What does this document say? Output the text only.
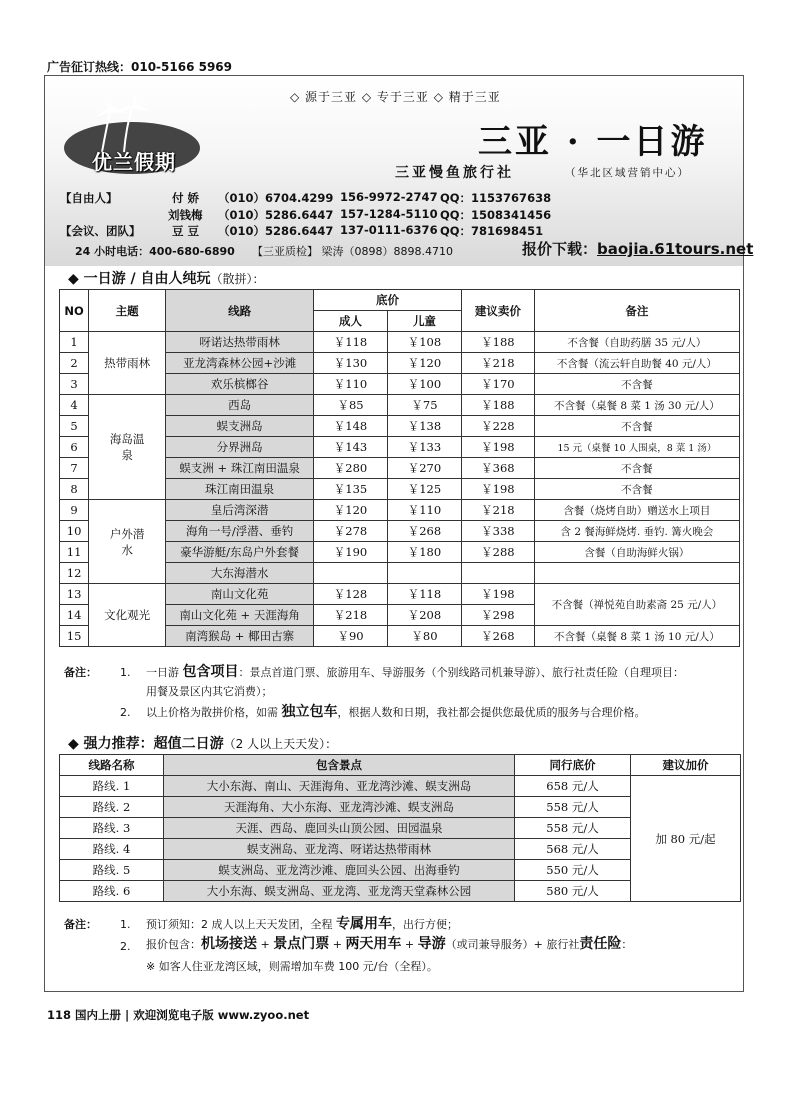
广告征订热线：010-5166 5969
◇ 源于三亚 ◇ 专于三亚 ◇ 精于三亚
优兰假期	三亚 · 一日游
三亚慢鱼旅行社	（华北区域营销中心）
【自由人】	付 娇 （010）6704.4299 156-9972-2747 QQ：1153767638
刘钱梅 （010）5286.6447 157-1284-5110 QQ：1508341456
【会议、团队】	豆 豆 （010）5286.6447 137-0111-6376 QQ：781698451
24 小时电话：400-680-6890 【三亚质检】 梁涛（0898）8898.4710	报价下载：baojia.61tours.net
◆ 一日游 / 自由人纯玩（散拼）：
NO	主题	线路	底价		建议卖价	备注
			成人	儿童		
1	热带雨林	呀诺达热带雨林	￥118	￥108	￥188	不含餐（自助药膳 35 元/人）
2		亚龙湾森林公园+沙滩	￥130	￥120	￥218	不含餐（流云轩自助餐 40 元/人）
3		欢乐槟榔谷	￥110	￥100	￥170	不含餐
4	海岛温泉	西岛	￥85	￥75	￥188	不含餐（桌餐 8 菜 1 汤 30 元/人）
5		蜈支洲岛	￥148	￥138	￥228	不含餐
6		分界洲岛	￥143	￥133	￥198	15 元（桌餐 10 人围桌，8 菜 1 汤）
7		蜈支洲 + 珠江南田温泉	￥280	￥270	￥368	不含餐
8		珠江南田温泉	￥135	￥125	￥198	不含餐
9	户外潜水	皇后湾深潜	￥120	￥110	￥218	含餐（烧烤自助）赠送水上项目
10		海角一号/浮潜、垂钓	￥278	￥268	￥338	含 2 餐海鲜烧烤. 垂钓. 篝火晚会
11		豪华游艇/东岛户外套餐	￥190	￥180	￥288	含餐（自助海鲜火锅）
12		大东海潜水				
13	文化观光	南山文化苑	￥128	￥118	￥198	不含餐（禅悦苑自助素斋 25 元/人）
14		南山文化苑 + 天涯海角	￥218	￥208	￥298	
15		南湾猴岛 + 椰田古寨	￥90	￥80	￥268	不含餐（桌餐 8 菜 1 汤 10 元/人）
备注： 1. 一日游 包含项目：景点首道门票、旅游用车、导游服务（个别线路司机兼导游）、旅行社责任险（自理项目：
用餐及景区内其它消费）；
2. 以上价格为散拼价格，如需 独立包车，根据人数和日期，我社都会提供您最优质的服务与合理价格。
◆ 强力推荐：超值二日游（2 人以上天天发）：
线路名称	包含景点	同行底价	建议加价
路线. 1	大小东海、南山、天涯海角、亚龙湾沙滩、蜈支洲岛	658 元/人	加 80 元/起
路线. 2	天涯海角、大小东海、亚龙湾沙滩、蜈支洲岛	558 元/人	
路线. 3	天涯、西岛、鹿回头山顶公园、田园温泉	558 元/人	
路线. 4	蜈支洲岛、亚龙湾、呀诺达热带雨林	568 元/人	
路线. 5	蜈支洲岛、亚龙湾沙滩、鹿回头公园、出海垂钓	550 元/人	
路线. 6	大小东海、蜈支洲岛、亚龙湾、亚龙湾天堂森林公园	580 元/人	
备注： 1. 预订须知：2 成人以上天天发团，全程 专属用车，出行方便；
2. 报价包含：机场接送 + 景点门票 + 两天用车 + 导游（或司兼导服务）+ 旅行社责任险：
※ 如客人住亚龙湾区域，则需增加车费 100 元/台（全程）。
118 国内上册 | 欢迎浏览电子版 www.zyoo.net
